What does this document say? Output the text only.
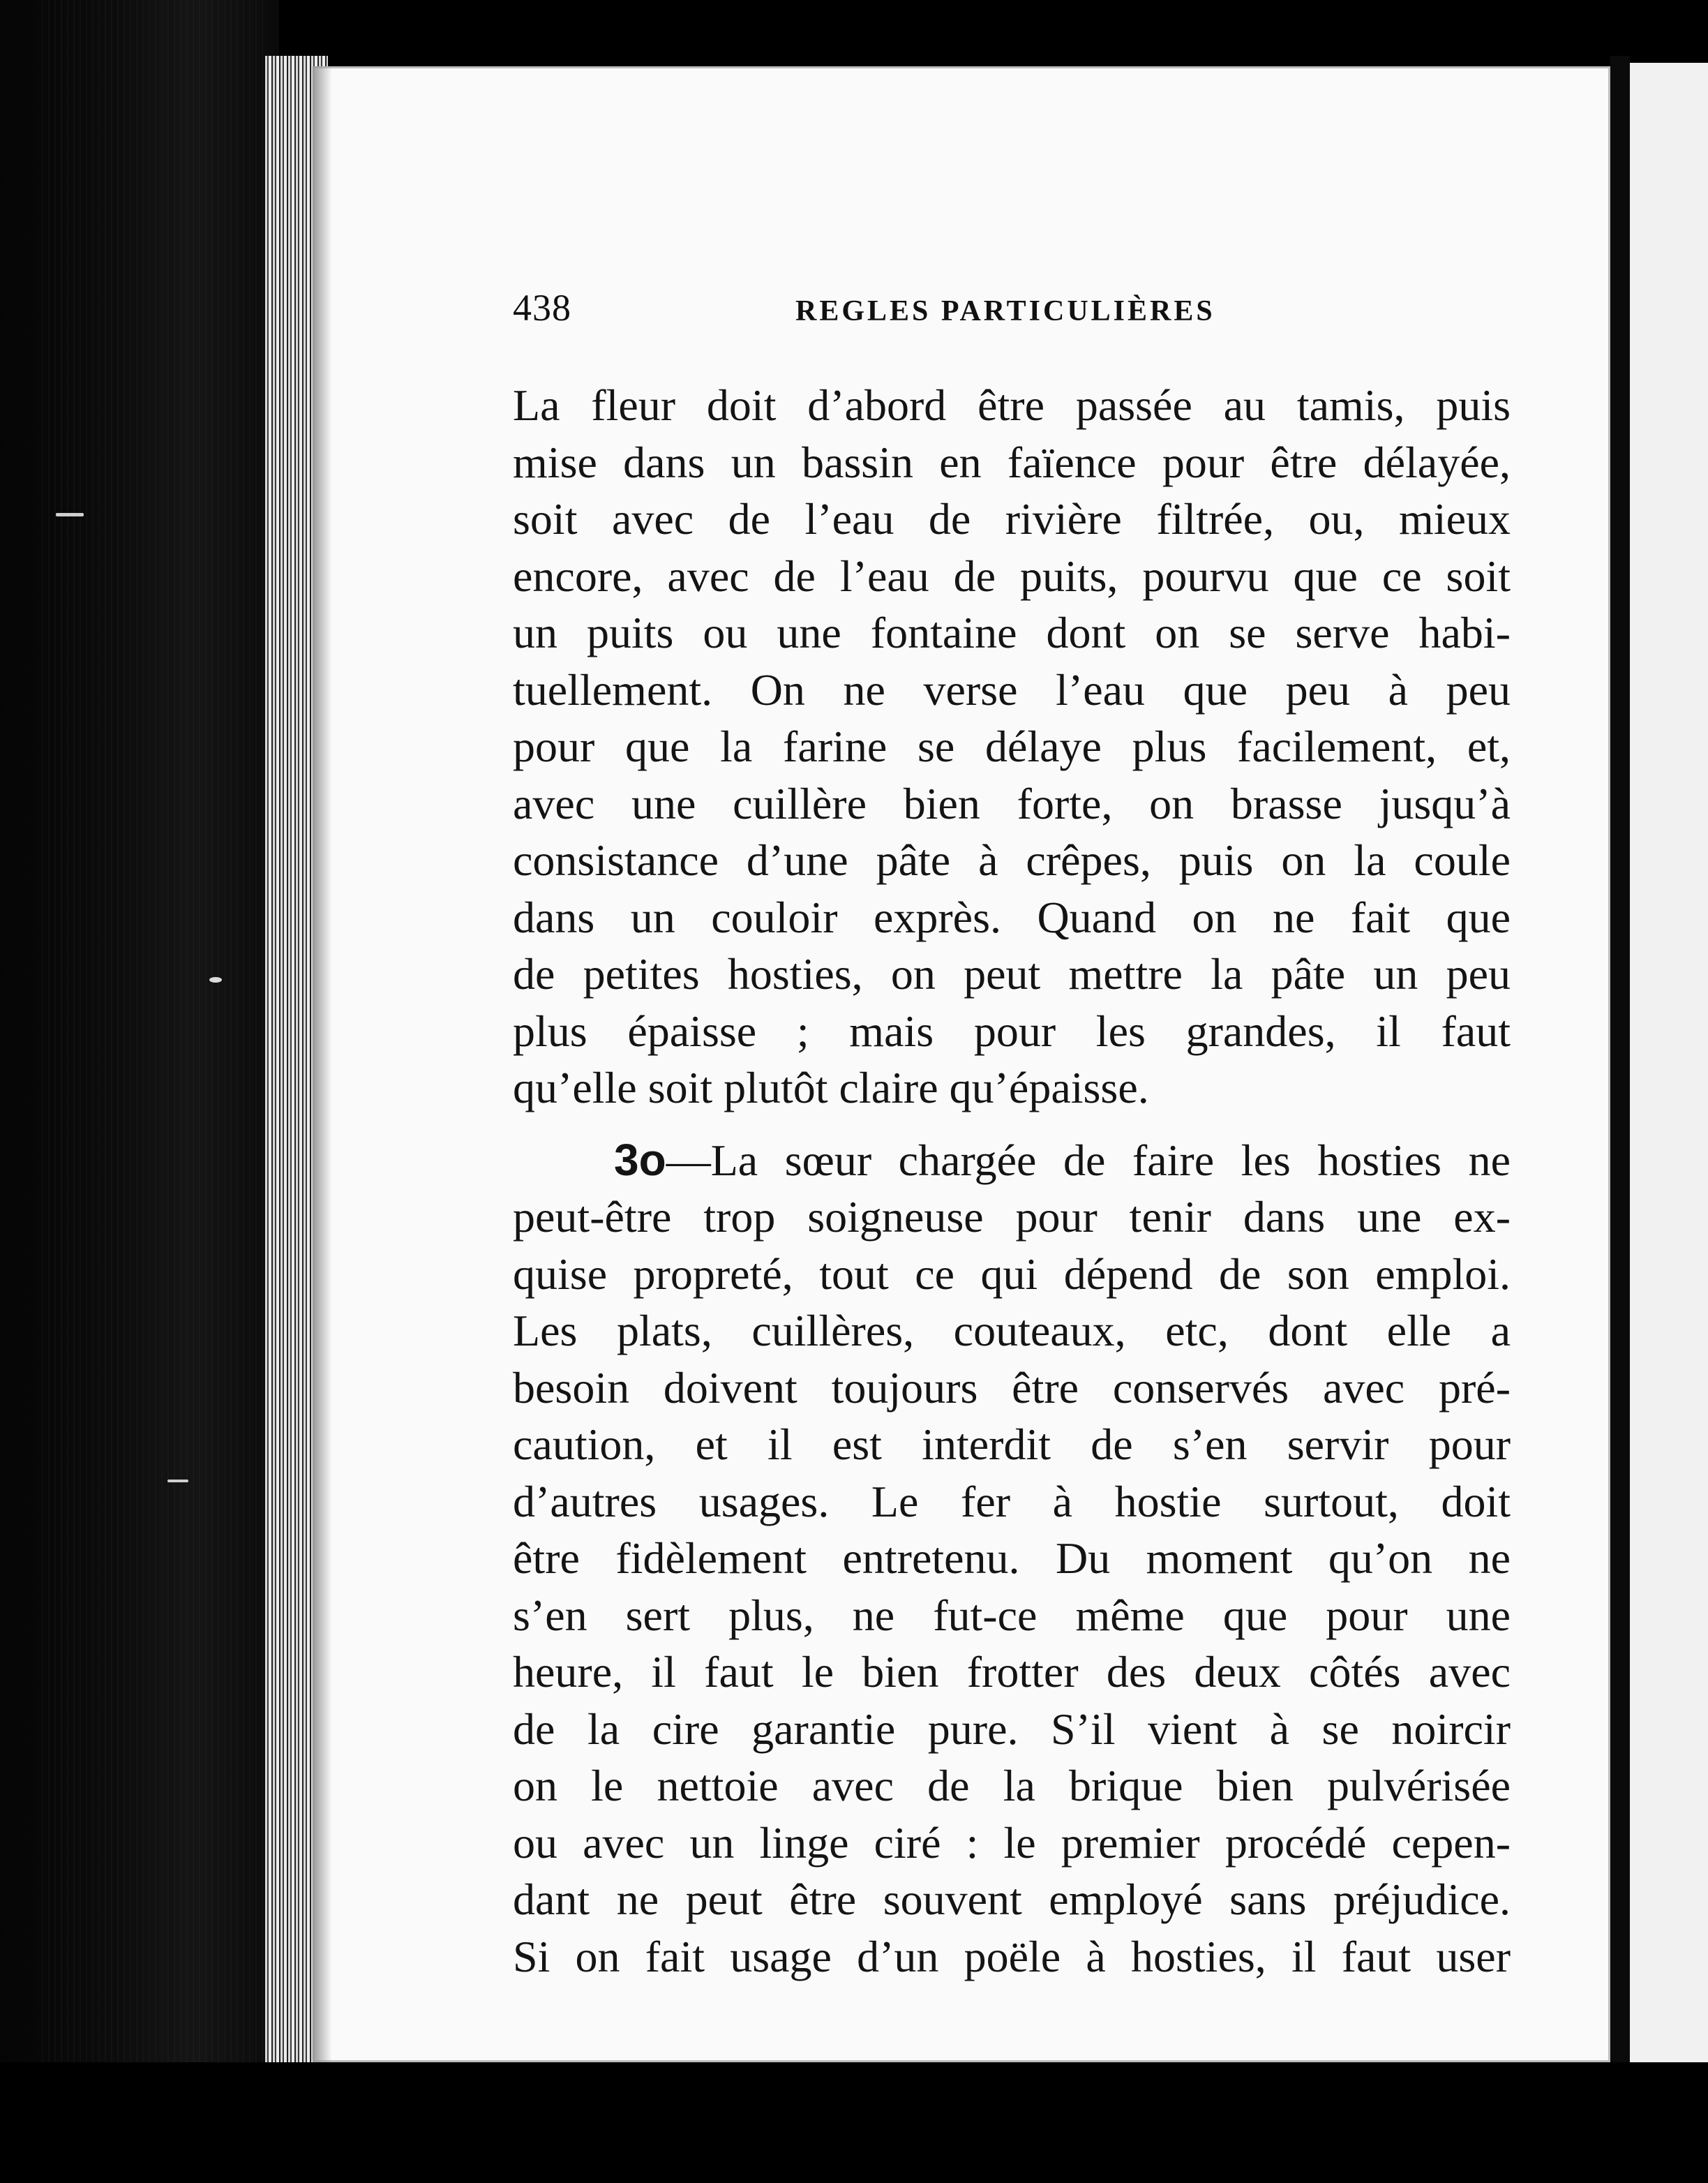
438	REGLES PARTICULIÈRES
La fleur doit d’abord être passée au tamis, puis
mise dans un bassin en faïence pour être délayée,
soit avec de l’eau de rivière filtrée, ou, mieux
encore, avec de l’eau de puits, pourvu que ce soit
un puits ou une fontaine dont on se serve habi-
tuellement. On ne verse l’eau que peu à peu
pour que la farine se délaye plus facilement, et,
avec une cuillère bien forte, on brasse jusqu’à
consistance d’une pâte à crêpes, puis on la coule
dans un couloir exprès. Quand on ne fait que
de petites hosties, on peut mettre la pâte un peu
plus épaisse ; mais pour les grandes, il faut
qu’elle soit plutôt claire qu’épaisse.
3o—La sœur chargée de faire les hosties ne
peut-être trop soigneuse pour tenir dans une ex-
quise propreté, tout ce qui dépend de son emploi.
Les plats, cuillères, couteaux, etc, dont elle a
besoin doivent toujours être conservés avec pré-
caution, et il est interdit de s’en servir pour
d’autres usages. Le fer à hostie surtout, doit
être fidèlement entretenu. Du moment qu’on ne
s’en sert plus, ne fut-ce même que pour une
heure, il faut le bien frotter des deux côtés avec
de la cire garantie pure. S’il vient à se noircir
on le nettoie avec de la brique bien pulvérisée
ou avec un linge ciré : le premier procédé cepen-
dant ne peut être souvent employé sans préjudice.
Si on fait usage d’un poële à hosties, il faut user
